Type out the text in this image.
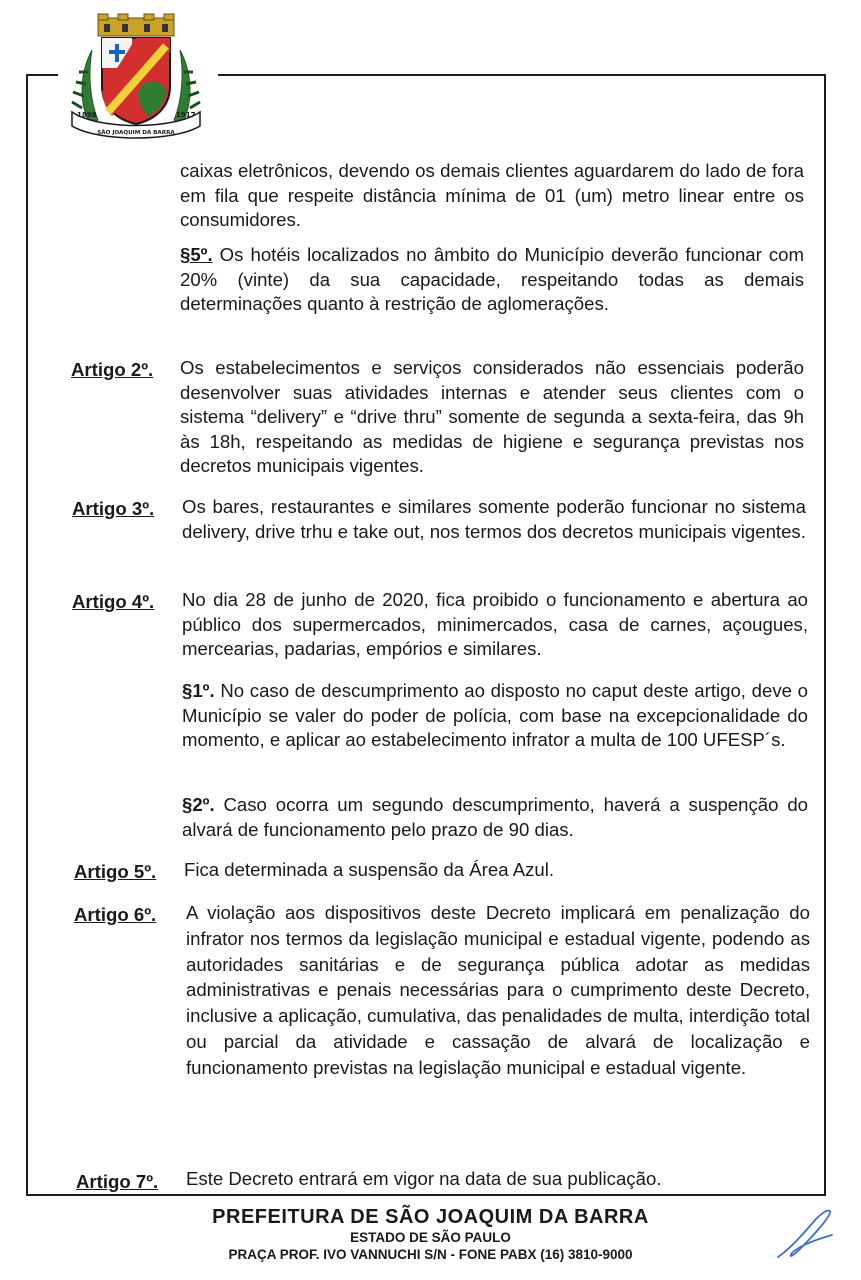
1898	1917
SÃO JOAQUIM DA BARRA

caixas eletrônicos, devendo os demais clientes aguardarem do lado de fora em fila que respeite distância mínima de 01 (um) metro linear entre os consumidores.

§5º. Os hotéis localizados no âmbito do Município deverão funcionar com 20% (vinte) da sua capacidade, respeitando todas as demais determinações quanto à restrição de aglomerações.

Artigo 2º. Os estabelecimentos e serviços considerados não essenciais poderão desenvolver suas atividades internas e atender seus clientes com o sistema “delivery” e “drive thru” somente de segunda a sexta-feira, das 9h às 18h, respeitando as medidas de higiene e segurança previstas nos decretos municipais vigentes.

Artigo 3º. Os bares, restaurantes e similares somente poderão funcionar no sistema delivery, drive trhu e take out, nos termos dos decretos municipais vigentes.

Artigo 4º. No dia 28 de junho de 2020, fica proibido o funcionamento e abertura ao público dos supermercados, minimercados, casa de carnes, açougues, mercearias, padarias, empórios e similares.

§1º. No caso de descumprimento ao disposto no caput deste artigo, deve o Município se valer do poder de polícia, com base na excepcionalidade do momento, e aplicar ao estabelecimento infrator a multa de 100 UFESP´s.

§2º. Caso ocorra um segundo descumprimento, haverá a suspenção do alvará de funcionamento pelo prazo de 90 dias.

Artigo 5º. Fica determinada a suspensão da Área Azul.

Artigo 6º. A violação aos dispositivos deste Decreto implicará em penalização do infrator nos termos da legislação municipal e estadual vigente, podendo as autoridades sanitárias e de segurança pública adotar as medidas administrativas e penais necessárias para o cumprimento deste Decreto, inclusive a aplicação, cumulativa, das penalidades de multa, interdição total ou parcial da atividade e cassação de alvará de localização e funcionamento previstas na legislação municipal e estadual vigente.

Artigo 7º. Este Decreto entrará em vigor na data de sua publicação.

PREFEITURA DE SÃO JOAQUIM DA BARRA
ESTADO DE SÃO PAULO
PRAÇA PROF. IVO VANNUCHI S/N - FONE PABX (16) 3810-9000
